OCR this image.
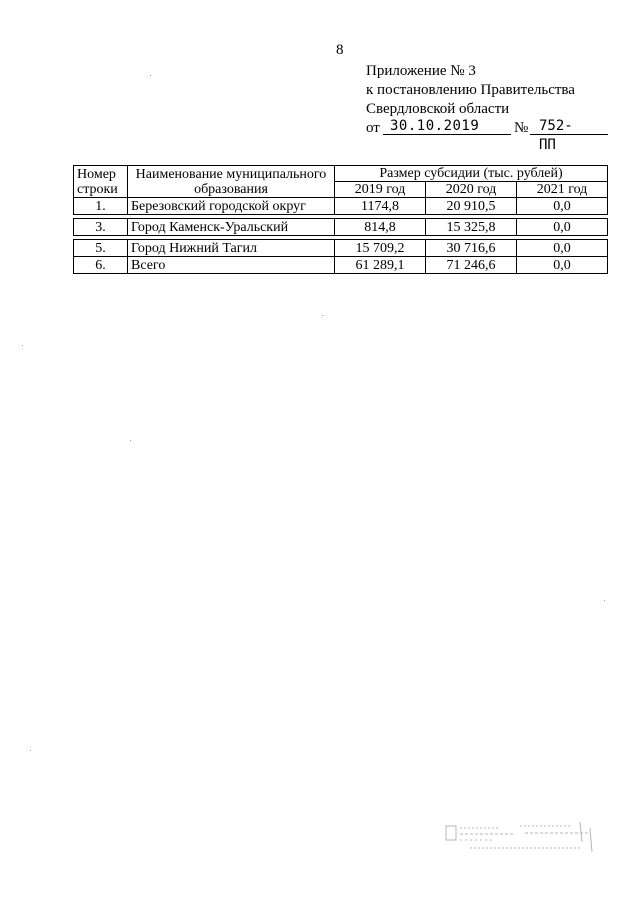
8
Приложение № 3
к постановлению Правительства
Свердловской области
от 30.10.2019 № 752-ПП
Номер строки	Наименование муниципального образования	Размер субсидии (тыс. рублей)		
		2019 год	2020 год	2021 год
1.	Березовский городской округ	1174,8	20 910,5	0,0

3.	Город Каменск-Уральский	814,8	15 325,8	0,0

5.	Город Нижний Тагил	15 709,2	30 716,6	0,0
6.	Всего	61 289,1	71 246,6	0,0
